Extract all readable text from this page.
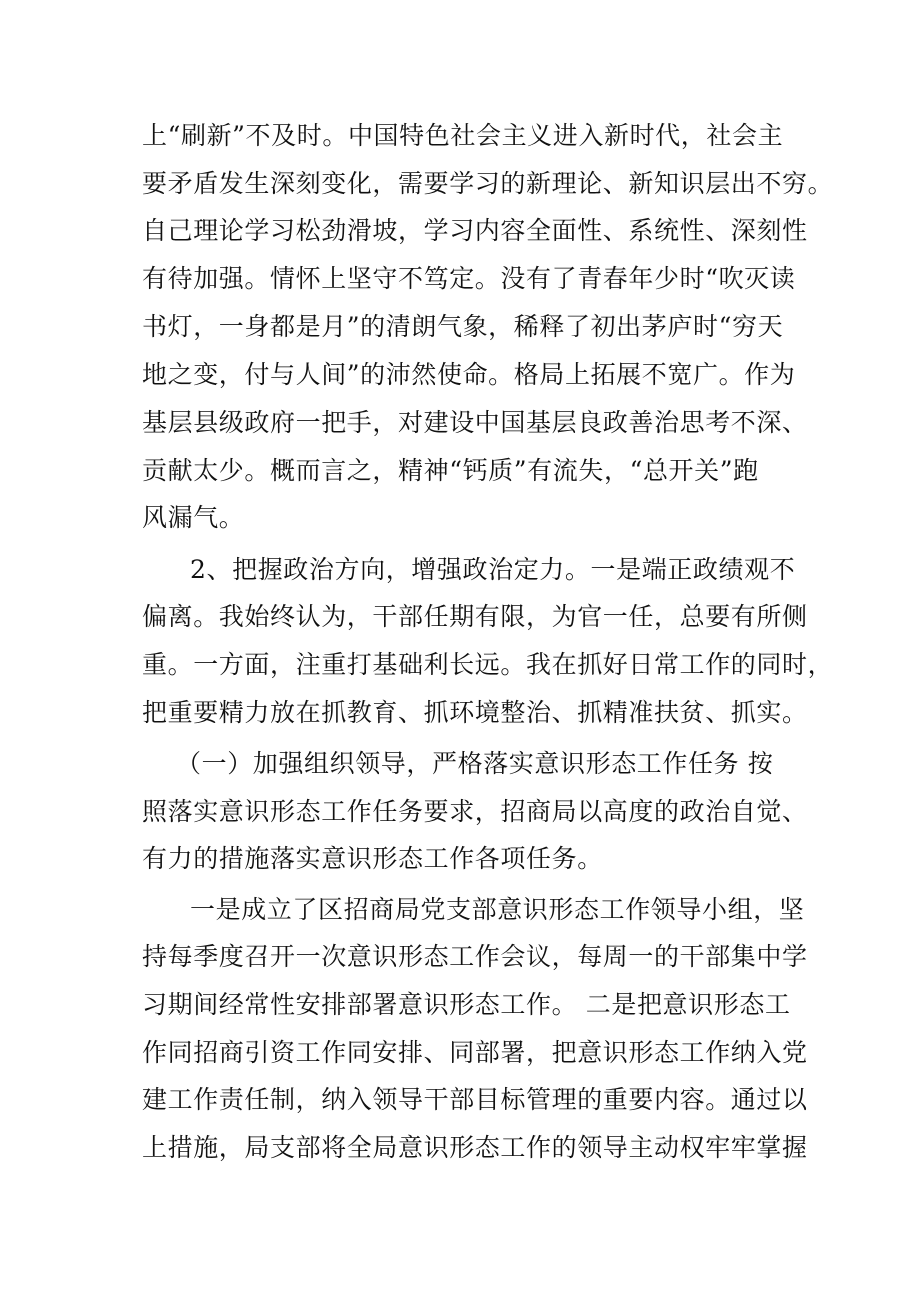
上“刷新”不及时。中国特色社会主义进入新时代，社会主
要矛盾发生深刻变化，需要学习的新理论、新知识层出不穷。
自己理论学习松劲滑坡，学习内容全面性、系统性、深刻性
有待加强。情怀上坚守不笃定。没有了青春年少时“吹灭读
书灯，一身都是月”的清朗气象，稀释了初出茅庐时“穷天
地之变，付与人间”的沛然使命。格局上拓展不宽广。作为
基层县级政府一把手，对建设中国基层良政善治思考不深、
贡献太少。概而言之，精神“钙质”有流失，“总开关”跑
风漏气。
2、把握政治方向，增强政治定力。一是端正政绩观不
偏离。我始终认为，干部任期有限，为官一任，总要有所侧
重。一方面，注重打基础利长远。我在抓好日常工作的同时，
把重要精力放在抓教育、抓环境整治、抓精准扶贫、抓实。
（一）加强组织领导，严格落实意识形态工作任务 按
照落实意识形态工作任务要求，招商局以高度的政治自觉、
有力的措施落实意识形态工作各项任务。
一是成立了区招商局党支部意识形态工作领导小组，坚
持每季度召开一次意识形态工作会议，每周一的干部集中学
习期间经常性安排部署意识形态工作。 二是把意识形态工
作同招商引资工作同安排、同部署，把意识形态工作纳入党
建工作责任制，纳入领导干部目标管理的重要内容。通过以
上措施，局支部将全局意识形态工作的领导主动权牢牢掌握
